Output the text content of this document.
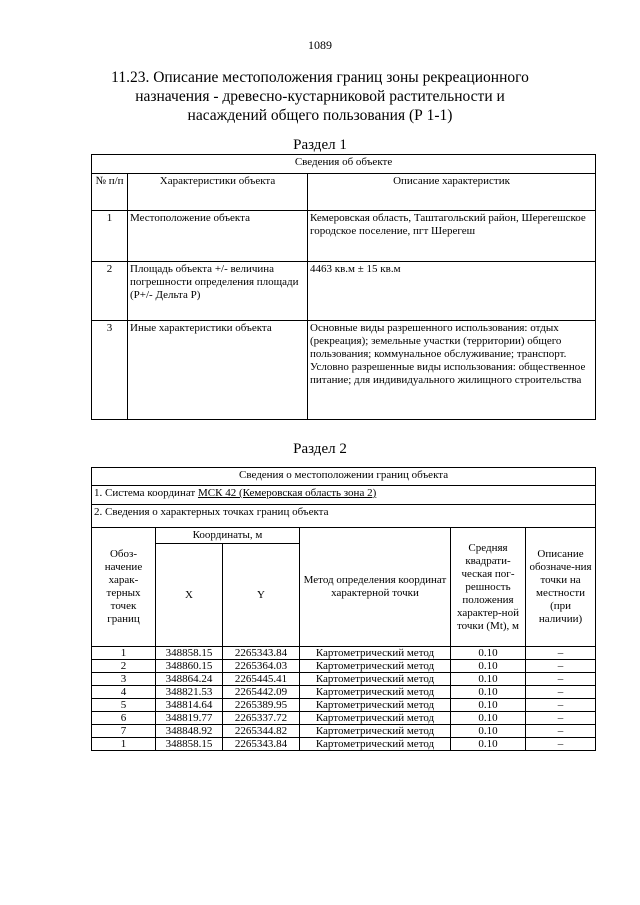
1089
11.23. Описание местоположения границ зоны рекреационного назначения - древесно-кустарниковой растительности и насаждений общего пользования (Р 1-1)
Раздел 1
Сведения об объекте		
№ п/п	Характеристики объекта	Описание характеристик
1	Местоположение объекта	Кемеровская область, Таштагольский район, Шерегешское городское поселение, пгт Шерегеш
2	Площадь объекта +/- величина погрешности определения площади (Р+/- Дельта Р)	4463 кв.м ± 15 кв.м
3	Иные характеристики объекта	Основные виды разрешенного использования: отдых (рекреация); земельные участки (территории) общего пользования; коммунальное обслуживание; транспорт. Условно разрешенные виды использования: общественное питание; для индивидуального жилищного строительства
Раздел 2
Сведения о местоположении границ объекта					
1. Система координат МСК 42 (Кемеровская область зона 2)					
2. Сведения о характерных точках границ объекта					
Обоз-начение харак-терных точек границ	Координаты, м		Метод определения координат характерной точки	Средняя квадрати-ческая пог-решность положения характер-ной точки (Mt), м	Описание обозначе-ния точки на местности (при наличии)
	X	Y			
1	348858.15	2265343.84	Картометрический метод	0.10	–
2	348860.15	2265364.03	Картометрический метод	0.10	–
3	348864.24	2265445.41	Картометрический метод	0.10	–
4	348821.53	2265442.09	Картометрический метод	0.10	–
5	348814.64	2265389.95	Картометрический метод	0.10	–
6	348819.77	2265337.72	Картометрический метод	0.10	–
7	348848.92	2265344.82	Картометрический метод	0.10	–
1	348858.15	2265343.84	Картометрический метод	0.10	–
